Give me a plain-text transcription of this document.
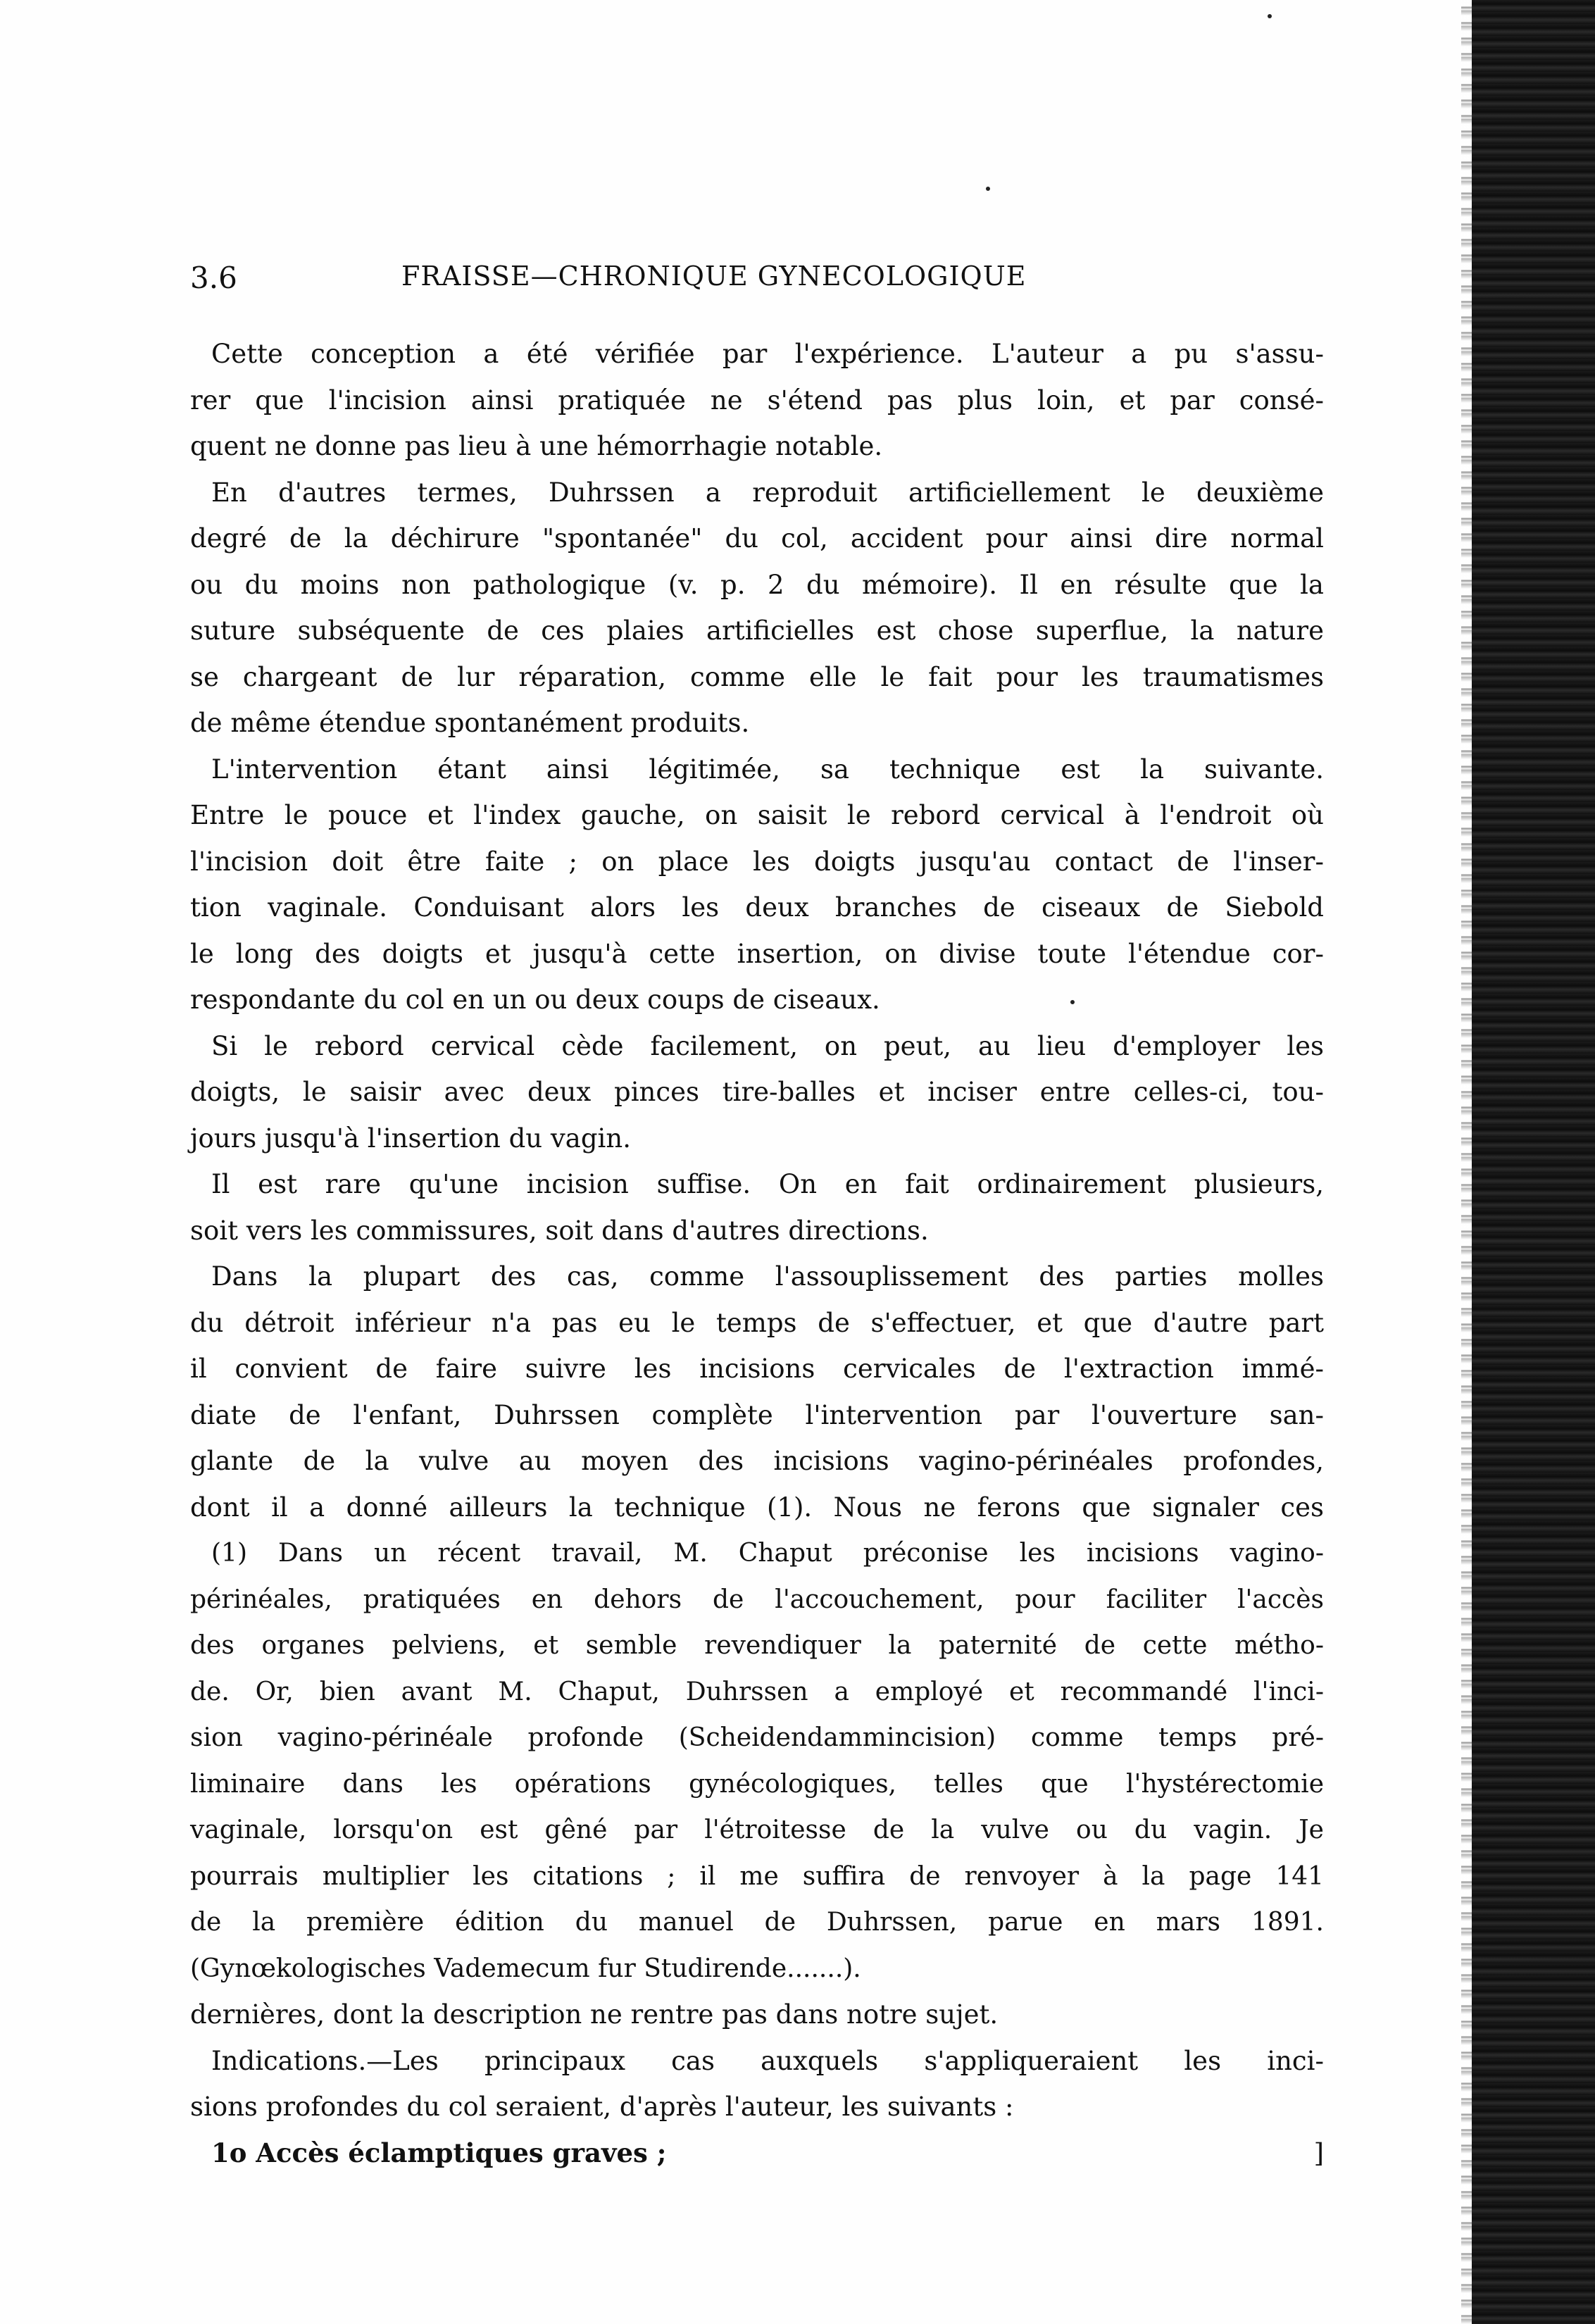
3.6	FRAISSE—CHRONIQUE GYNECOLOGIQUE
Cette conception a été vérifiée par l'expérience. L'auteur a pu s'assu-
rer que l'incision ainsi pratiquée ne s'étend pas plus loin, et par consé-
quent ne donne pas lieu à une hémorrhagie notable.
En d'autres termes, Duhrssen a reproduit artificiellement le deuxième
degré de la déchirure "spontanée" du col, accident pour ainsi dire normal
ou du moins non pathologique (v. p. 2 du mémoire). Il en résulte que la
suture subséquente de ces plaies artificielles est chose superflue, la nature
se chargeant de lur réparation, comme elle le fait pour les traumatismes
de même étendue spontanément produits.
L'intervention étant ainsi légitimée, sa technique est la suivante.
Entre le pouce et l'index gauche, on saisit le rebord cervical à l'endroit où
l'incision doit être faite ; on place les doigts jusqu'au contact de l'inser-
tion vaginale. Conduisant alors les deux branches de ciseaux de Siebold
le long des doigts et jusqu'à cette insertion, on divise toute l'étendue cor-
respondante du col en un ou deux coups de ciseaux.
Si le rebord cervical cède facilement, on peut, au lieu d'employer les
doigts, le saisir avec deux pinces tire-balles et inciser entre celles-ci, tou-
jours jusqu'à l'insertion du vagin.
Il est rare qu'une incision suffise. On en fait ordinairement plusieurs,
soit vers les commissures, soit dans d'autres directions.
Dans la plupart des cas, comme l'assouplissement des parties molles
du détroit inférieur n'a pas eu le temps de s'effectuer, et que d'autre part
il convient de faire suivre les incisions cervicales de l'extraction immé-
diate de l'enfant, Duhrssen complète l'intervention par l'ouverture san-
glante de la vulve au moyen des incisions vagino-périnéales profondes,
dont il a donné ailleurs la technique (1). Nous ne ferons que signaler ces
(1) Dans un récent travail, M. Chaput préconise les incisions vagino-
périnéales, pratiquées en dehors de l'accouchement, pour faciliter l'accès
des organes pelviens, et semble revendiquer la paternité de cette métho-
de. Or, bien avant M. Chaput, Duhrssen a employé et recommandé l'inci-
sion vagino-périnéale profonde (Scheidendammincision) comme temps pré-
liminaire dans les opérations gynécologiques, telles que l'hystérectomie
vaginale, lorsqu'on est gêné par l'étroitesse de la vulve ou du vagin. Je
pourrais multiplier les citations ; il me suffira de renvoyer à la page 141
de la première édition du manuel de Duhrssen, parue en mars 1891.
(Gynœkologisches Vademecum fur Studirende.......).
dernières, dont la description ne rentre pas dans notre sujet.
Indications.—Les principaux cas auxquels s'appliqueraient les inci-
sions profondes du col seraient, d'après l'auteur, les suivants :
1o Accès éclamptiques graves ;	]
